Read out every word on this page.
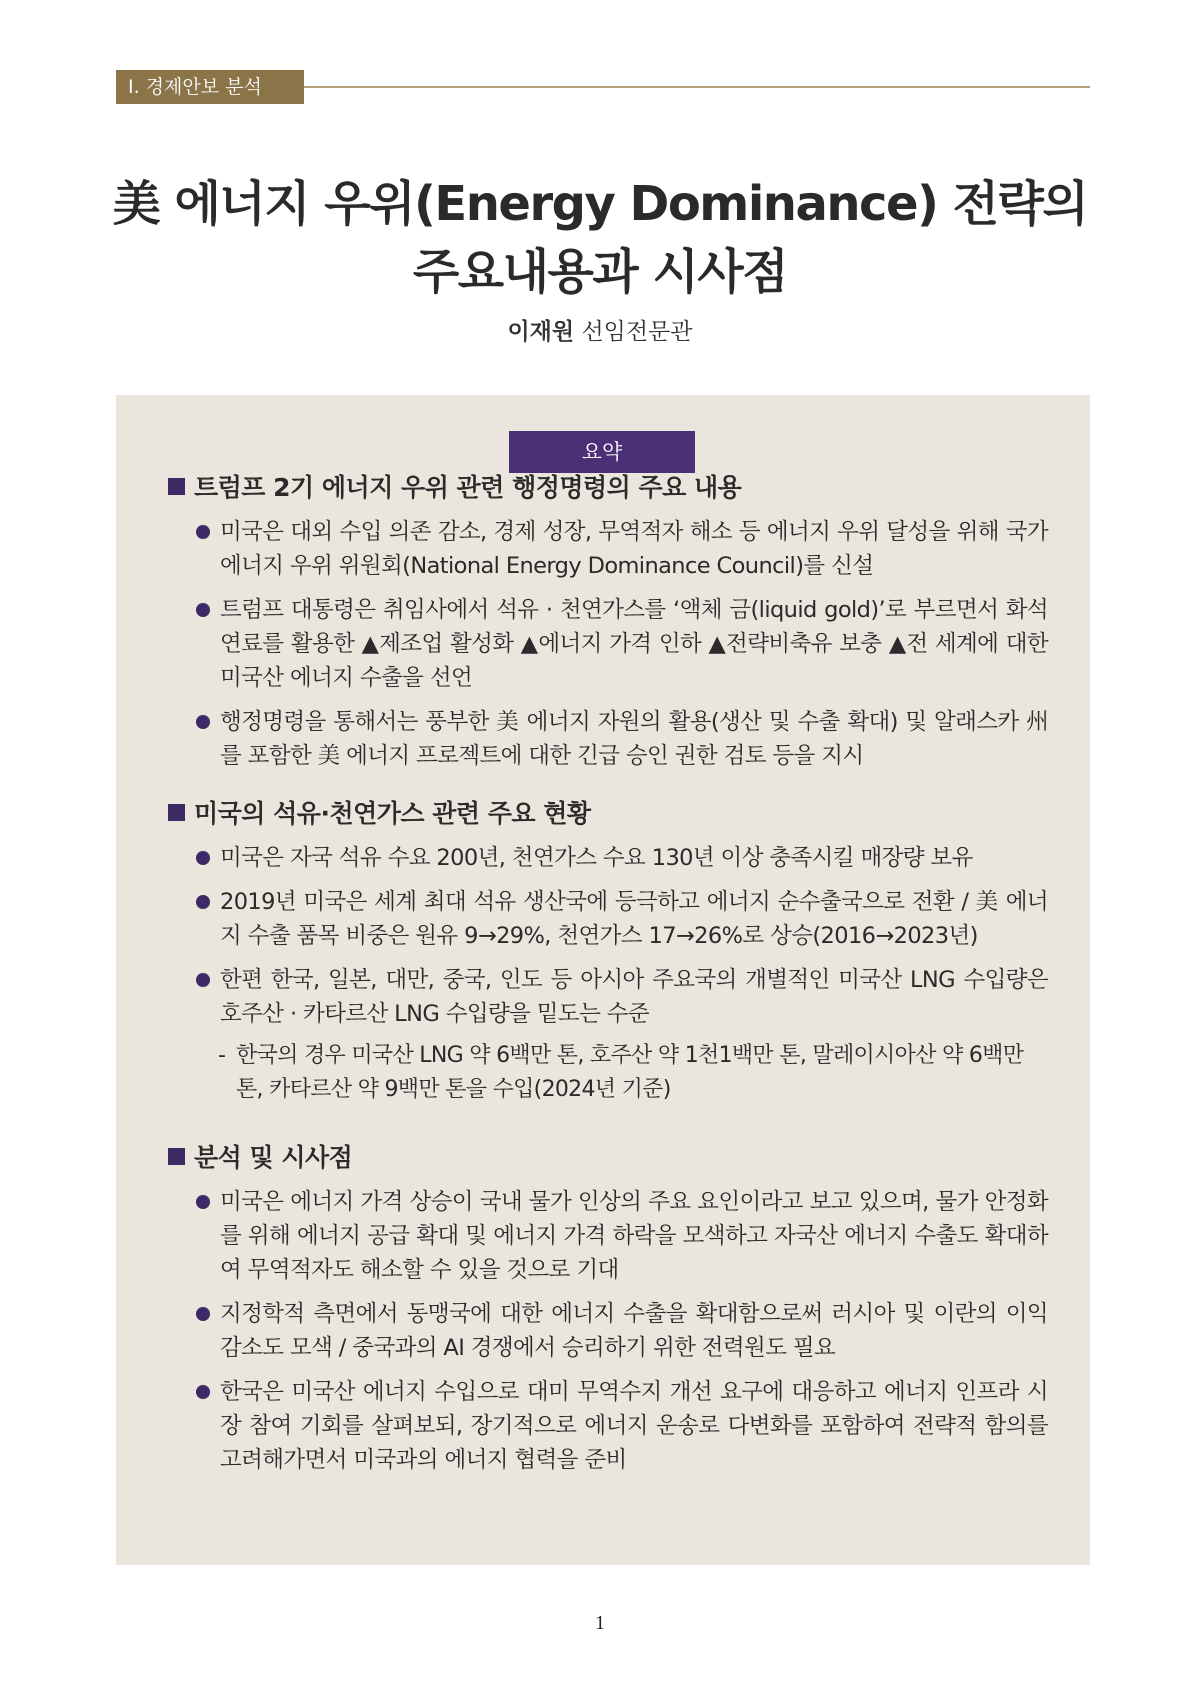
Ⅰ. 경제안보 분석
美 에너지 우위(Energy Dominance) 전략의
주요내용과 시사점
이재원 선임전문관
요약
트럼프 2기 에너지 우위 관련 행정명령의 주요 내용
미국은 대외 수입 의존 감소, 경제 성장, 무역적자 해소 등 에너지 우위 달성을 위해 국가 에너지 우위 위원회(National Energy Dominance Council)를 신설
트럼프 대통령은 취임사에서 석유 · 천연가스를 ‘액체 금(liquid gold)’로 부르면서 화석연료를 활용한 ▲제조업 활성화 ▲에너지 가격 인하 ▲전략비축유 보충 ▲전 세계에 대한 미국산 에너지 수출을 선언
행정명령을 통해서는 풍부한 美 에너지 자원의 활용(생산 및 수출 확대) 및 알래스카 州를 포함한 美 에너지 프로젝트에 대한 긴급 승인 권한 검토 등을 지시
미국의 석유·천연가스 관련 주요 현황
미국은 자국 석유 수요 200년, 천연가스 수요 130년 이상 충족시킬 매장량 보유
2019년 미국은 세계 최대 석유 생산국에 등극하고 에너지 순수출국으로 전환 / 美 에너지 수출 품목 비중은 원유 9→29%, 천연가스 17→26%로 상승(2016→2023년)
한편 한국, 일본, 대만, 중국, 인도 등 아시아 주요국의 개별적인 미국산 LNG 수입량은 호주산 · 카타르산 LNG 수입량을 밑도는 수준
- 한국의 경우 미국산 LNG 약 6백만 톤, 호주산 약 1천1백만 톤, 말레이시아산 약 6백만 톤, 카타르산 약 9백만 톤을 수입(2024년 기준)
분석 및 시사점
미국은 에너지 가격 상승이 국내 물가 인상의 주요 요인이라고 보고 있으며, 물가 안정화를 위해 에너지 공급 확대 및 에너지 가격 하락을 모색하고 자국산 에너지 수출도 확대하여 무역적자도 해소할 수 있을 것으로 기대
지정학적 측면에서 동맹국에 대한 에너지 수출을 확대함으로써 러시아 및 이란의 이익 감소도 모색 / 중국과의 AI 경쟁에서 승리하기 위한 전력원도 필요
한국은 미국산 에너지 수입으로 대미 무역수지 개선 요구에 대응하고 에너지 인프라 시장 참여 기회를 살펴보되, 장기적으로 에너지 운송로 다변화를 포함하여 전략적 함의를 고려해가면서 미국과의 에너지 협력을 준비
1
